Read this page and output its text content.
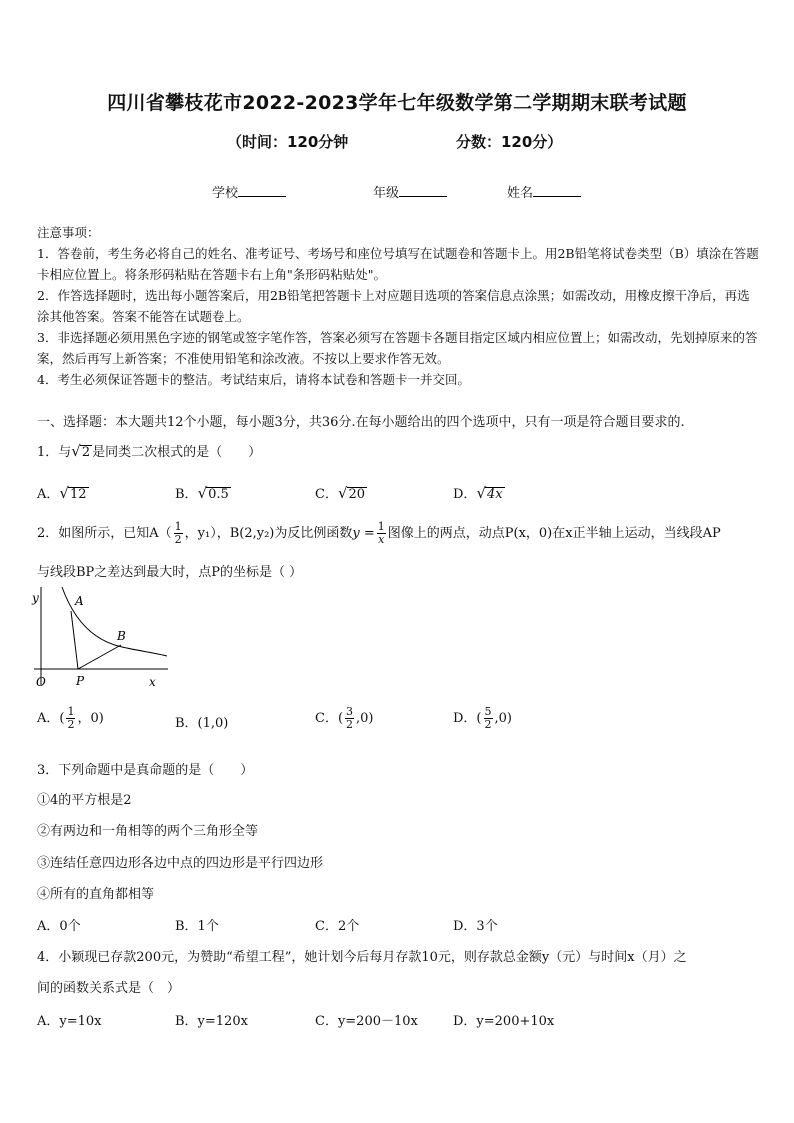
四川省攀枝花市2022-2023学年七年级数学第二学期期末联考试题
（时间：120分钟	分数：120分）
学校	年级	姓名
注意事项：
1．答卷前，考生务必将自己的姓名、准考证号、考场号和座位号填写在试题卷和答题卡上。用2B铅笔将试卷类型（B）填涂在答题卡相应位置上。将条形码粘贴在答题卡右上角"条形码粘贴处"。
2．作答选择题时，选出每小题答案后，用2B铅笔把答题卡上对应题目选项的答案信息点涂黑；如需改动，用橡皮擦干净后，再选涂其他答案。答案不能答在试题卷上。
3．非选择题必须用黑色字迹的钢笔或签字笔作答，答案必须写在答题卡各题目指定区域内相应位置上；如需改动，先划掉原来的答案，然后再写上新答案；不准使用铅笔和涂改液。不按以上要求作答无效。
4．考生必须保证答题卡的整洁。考试结束后，请将本试卷和答题卡一并交回。
一、选择题：本大题共12个小题，每小题3分，共36分.在每小题给出的四个选项中，只有一项是符合题目要求的.
1．与√2 是同类二次根式的是（　　）
A．√12	B．√0.5	C．√20	D．√4x
2．如图所示，已知$A( \frac{1}{2}$ ，y₁），B(2,y₂)为反比例函数$y = \frac{1}{x}$ 图像上的两点，动点P(x，0)在x正半轴上运动，当线段AP
与线段BP之差达到最大时，点P的坐标是（ ）
y	A
B
O	P	x
A．( $\frac{1}{2}$ ，0)	B．(1,0)	C．( $\frac{3}{2} ,0$)	D．( $\frac{5}{2} ,0$)
3．下列命题中是真命题的是（　　）
①4的平方根是2
②有两边和一角相等的两个三角形全等
③连结任意四边形各边中点的四边形是平行四边形
④所有的直角都相等
A．0个	B．1个	C．2个	D．3个
4．小颖现已存款200元，为赞助“希望工程”，她计划今后每月存款10元，则存款总金额y（元）与时间x（月）之
间的函数关系式是（　）
A．y=10x	B．y=120x	C．y=200－10x	D．y=200+10x
